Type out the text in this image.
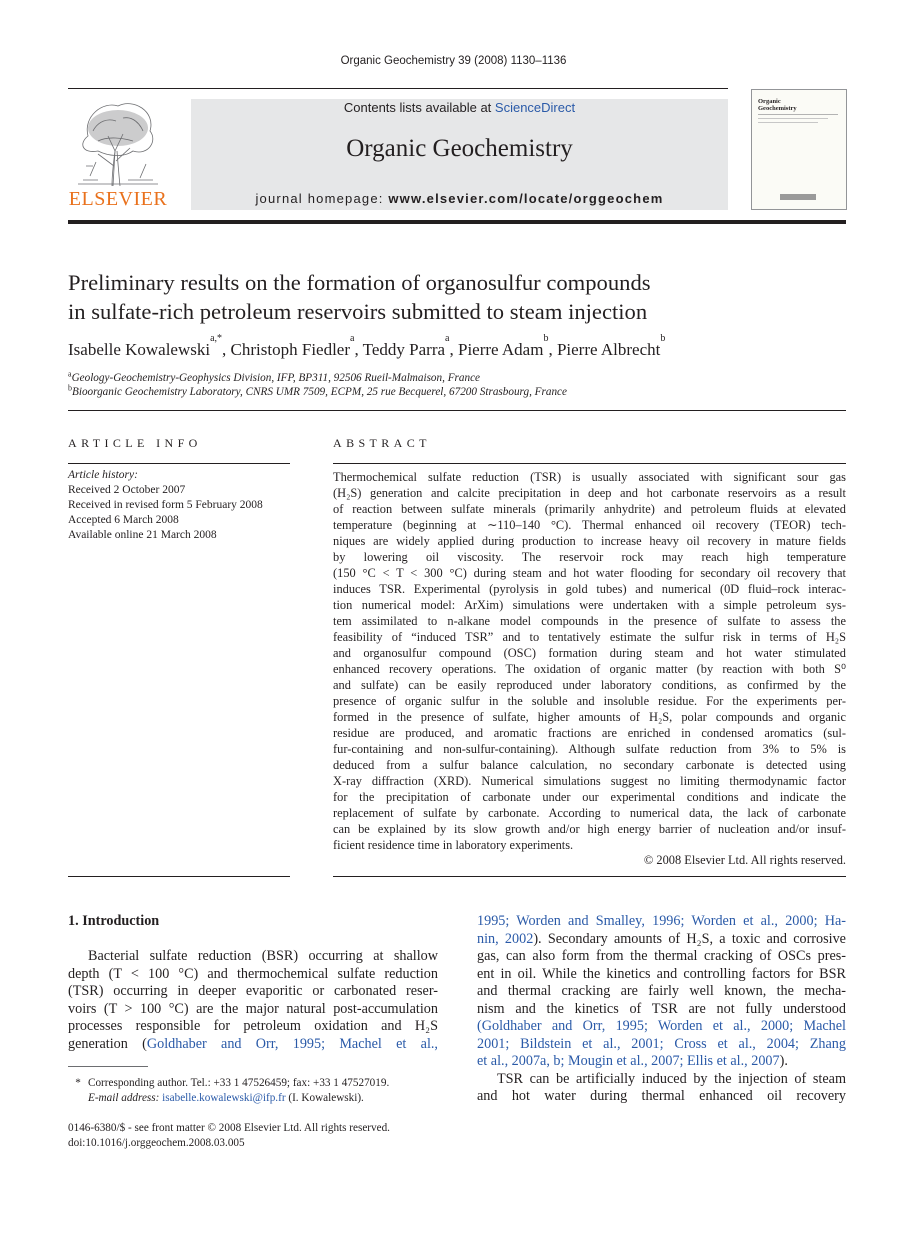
Organic Geochemistry 39 (2008) 1130–1136
ELSEVIER
Contents lists available at ScienceDirect
Organic Geochemistry
journal homepage: www.elsevier.com/locate/orggeochem
Organic Geochemistry
Preliminary results on the formation of organosulfur compounds
in sulfate-rich petroleum reservoirs submitted to steam injection
Isabelle Kowalewski$^{a,*}$, Christoph Fiedler$^a$, Teddy Parra$^a$, Pierre Adam$^b$, Pierre Albrecht$^b$
$^a$Geology-Geochemistry-Geophysics Division, IFP, BP311, 92506 Rueil-Malmaison, France
$^b$Bioorganic Geochemistry Laboratory, CNRS UMR 7509, ECPM, 25 rue Becquerel, 67200 Strasbourg, France
ARTICLE INFO
Article history:
Received 2 October 2007
Received in revised form 5 February 2008
Accepted 6 March 2008
Available online 21 March 2008
ABSTRACT
Thermochemical sulfate reduction (TSR) is usually associated with significant sour gas
(H₂S) generation and calcite precipitation in deep and hot carbonate reservoirs as a result
of reaction between sulfate minerals (primarily anhydrite) and petroleum fluids at elevated
temperature (beginning at ∼110–140 °C). Thermal enhanced oil recovery (TEOR) tech-
niques are widely applied during production to increase heavy oil recovery in mature fields
by lowering oil viscosity. The reservoir rock may reach high temperature
(150 °C < T < 300 °C) during steam and hot water flooding for secondary oil recovery that
induces TSR. Experimental (pyrolysis in gold tubes) and numerical (0D fluid–rock interac-
tion numerical model: ArXim) simulations were undertaken with a simple petroleum sys-
tem assimilated to n-alkane model compounds in the presence of sulfate to assess the
feasibility of “induced TSR” and to tentatively estimate the sulfur risk in terms of H₂S
and organosulfur compound (OSC) formation during steam and hot water stimulated
enhanced recovery operations. The oxidation of organic matter (by reaction with both S⁰
and sulfate) can be easily reproduced under laboratory conditions, as confirmed by the
presence of organic sulfur in the soluble and insoluble residue. For the experiments per-
formed in the presence of sulfate, higher amounts of H₂S, polar compounds and organic
residue are produced, and aromatic fractions are enriched in condensed aromatics (sul-
fur-containing and non-sulfur-containing). Although sulfate reduction from 3% to 5% is
deduced from a sulfur balance calculation, no secondary carbonate is detected using
X-ray diffraction (XRD). Numerical simulations suggest no limiting thermodynamic factor
for the precipitation of carbonate under our experimental conditions and indicate the
replacement of sulfate by carbonate. According to numerical data, the lack of carbonate
can be explained by its slow growth and/or high energy barrier of nucleation and/or insuf-
ficient residence time in laboratory experiments.
© 2008 Elsevier Ltd. All rights reserved.
1. Introduction
Bacterial sulfate reduction (BSR) occurring at shallow
depth (T < 100 °C) and thermochemical sulfate reduction
(TSR) occurring in deeper evaporitic or carbonated reser-
voirs (T > 100 °C) are the major natural post-accumulation
processes responsible for petroleum oxidation and H₂S
generation (Goldhaber and Orr, 1995; Machel et al.,
1995; Worden and Smalley, 1996; Worden et al., 2000; Ha-
nin, 2002). Secondary amounts of H₂S, a toxic and corrosive
gas, can also form from the thermal cracking of OSCs pres-
ent in oil. While the kinetics and controlling factors for BSR
and thermal cracking are fairly well known, the mecha-
nism and the kinetics of TSR are not fully understood
(Goldhaber and Orr, 1995; Worden et al., 2000; Machel
2001; Bildstein et al., 2001; Cross et al., 2004; Zhang
et al., 2007a, b; Mougin et al., 2007; Ellis et al., 2007).
TSR can be artificially induced by the injection of steam
and hot water during thermal enhanced oil recovery
* Corresponding author. Tel.: +33 1 47526459; fax: +33 1 47527019.
E-mail address: isabelle.kowalewski@ifp.fr (I. Kowalewski).
0146-6380/$ - see front matter © 2008 Elsevier Ltd. All rights reserved.
doi:10.1016/j.orggeochem.2008.03.005
